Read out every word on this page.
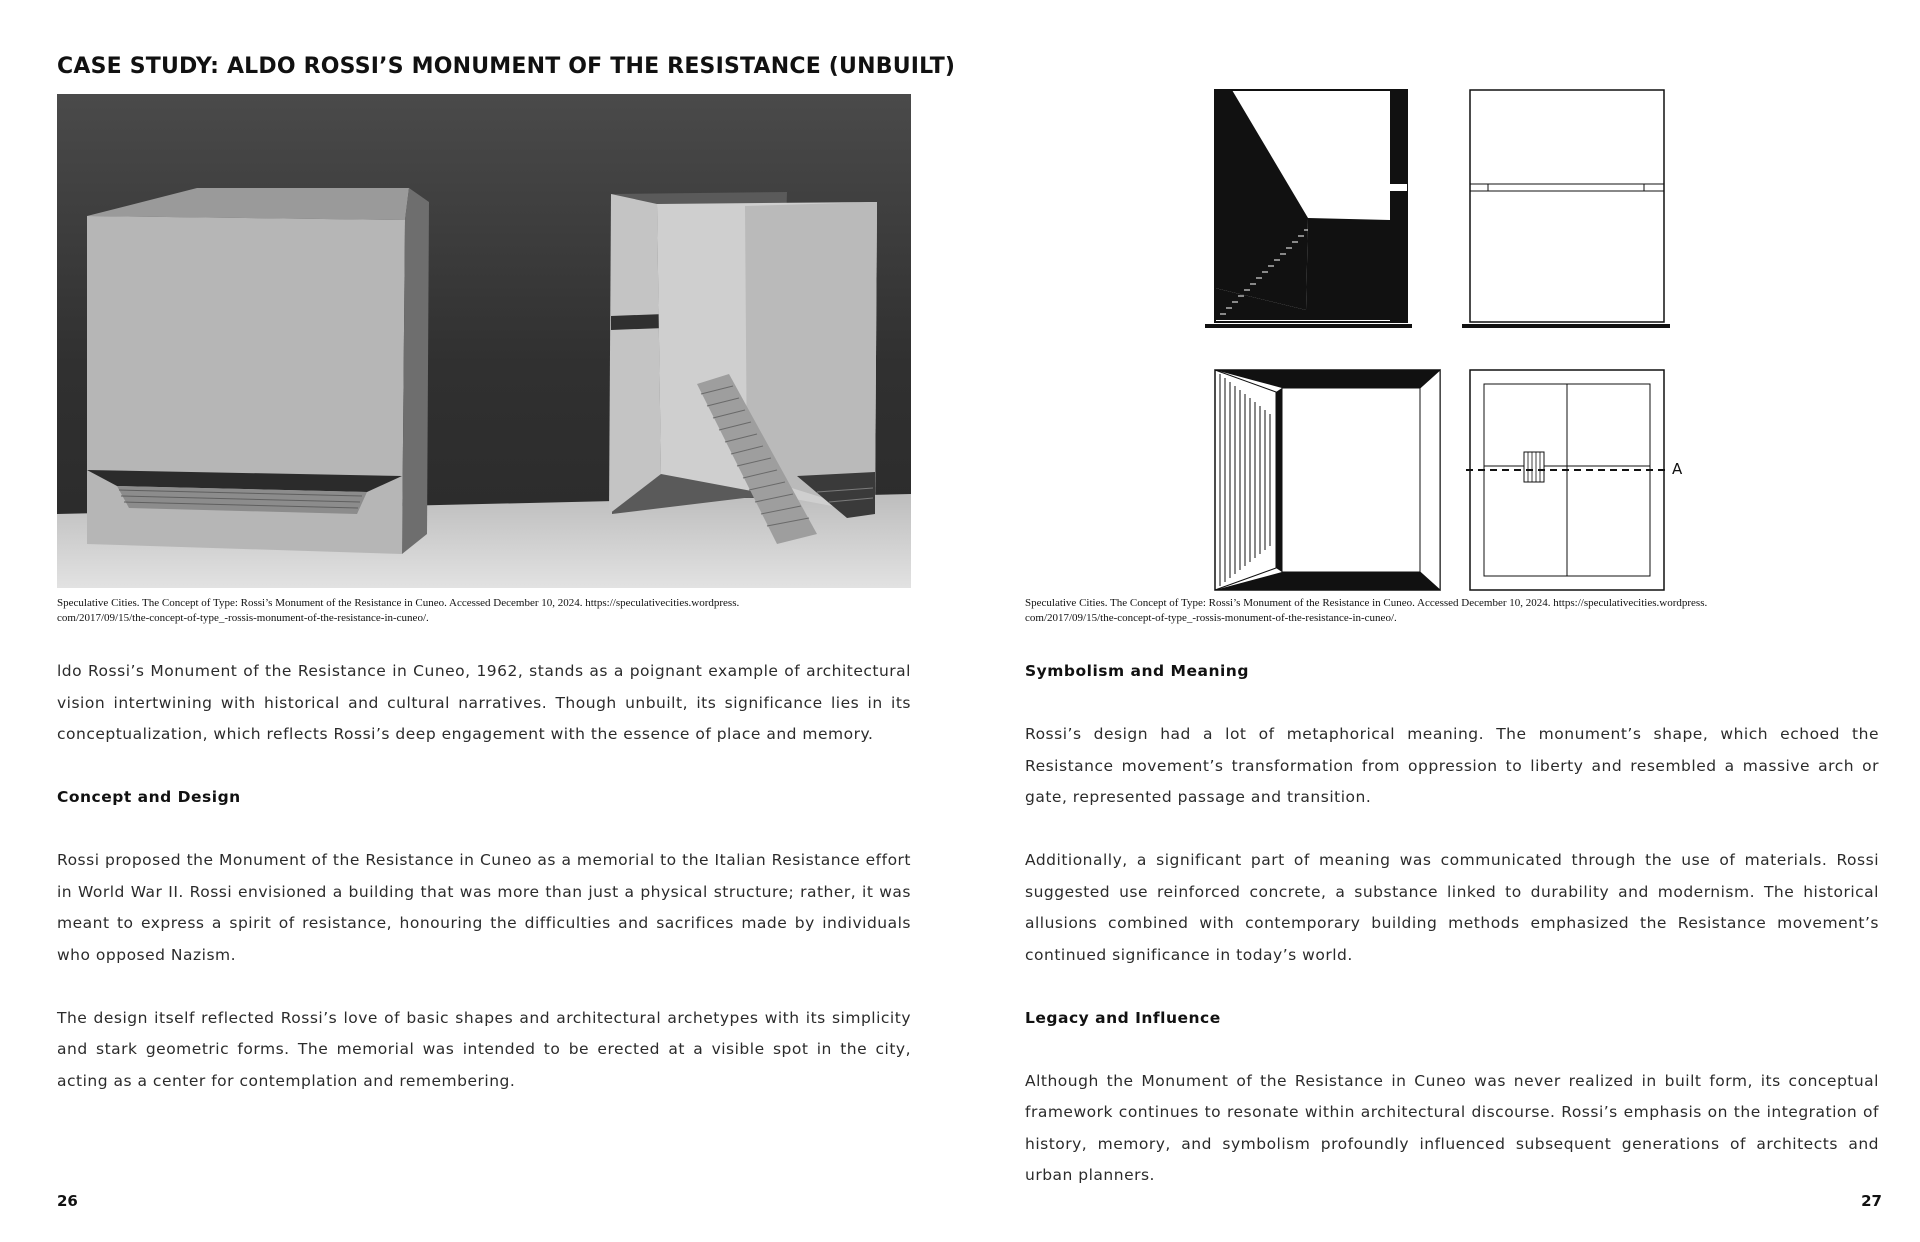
CASE STUDY: ALDO ROSSI’S MONUMENT OF THE RESISTANCE (UNBUILT)
Speculative Cities. The Concept of Type: Rossi’s Monument of the Resistance in Cuneo. Accessed December 10, 2024. https://speculativecities.wordpress.
com/2017/09/15/the-concept-of-type_-rossis-monument-of-the-resistance-in-cuneo/.

ldo Rossi’s Monument of the Resistance in Cuneo, 1962, stands as a poignant example of architectural vision intertwining with historical and cultural narratives. Though unbuilt, its significance lies in its conceptualization, which reflects Rossi’s deep engagement with the essence of place and memory.

Concept and Design

Rossi proposed the Monument of the Resistance in Cuneo as a memorial to the Italian Resistance effort in World War II. Rossi envisioned a building that was more than just a physical structure; rather, it was meant to express a spirit of resistance, honouring the difficulties and sacrifices made by individuals who opposed Nazism.

The design itself reflected Rossi’s love of basic shapes and architectural archetypes with its simplicity and stark geometric forms. The memorial was intended to be erected at a visible spot in the city, acting as a center for contemplation and remembering.

26
A
Speculative Cities. The Concept of Type: Rossi’s Monument of the Resistance in Cuneo. Accessed December 10, 2024. https://speculativecities.wordpress.
com/2017/09/15/the-concept-of-type_-rossis-monument-of-the-resistance-in-cuneo/.
Symbolism and Meaning

Rossi’s design had a lot of metaphorical meaning. The monument’s shape, which echoed the Resistance movement’s transformation from oppression to liberty and resembled a massive arch or gate, represented passage and transition.

Additionally, a significant part of meaning was communicated through the use of materials. Rossi suggested use reinforced concrete, a substance linked to durability and modernism. The historical allusions combined with contemporary building methods emphasized the Resistance movement’s continued significance in today’s world.

Legacy and Influence

Although the Monument of the Resistance in Cuneo was never realized in built form, its conceptual framework continues to resonate within architectural discourse. Rossi’s emphasis on the integration of history, memory, and symbolism profoundly influenced subsequent generations of architects and urban planners.

27
